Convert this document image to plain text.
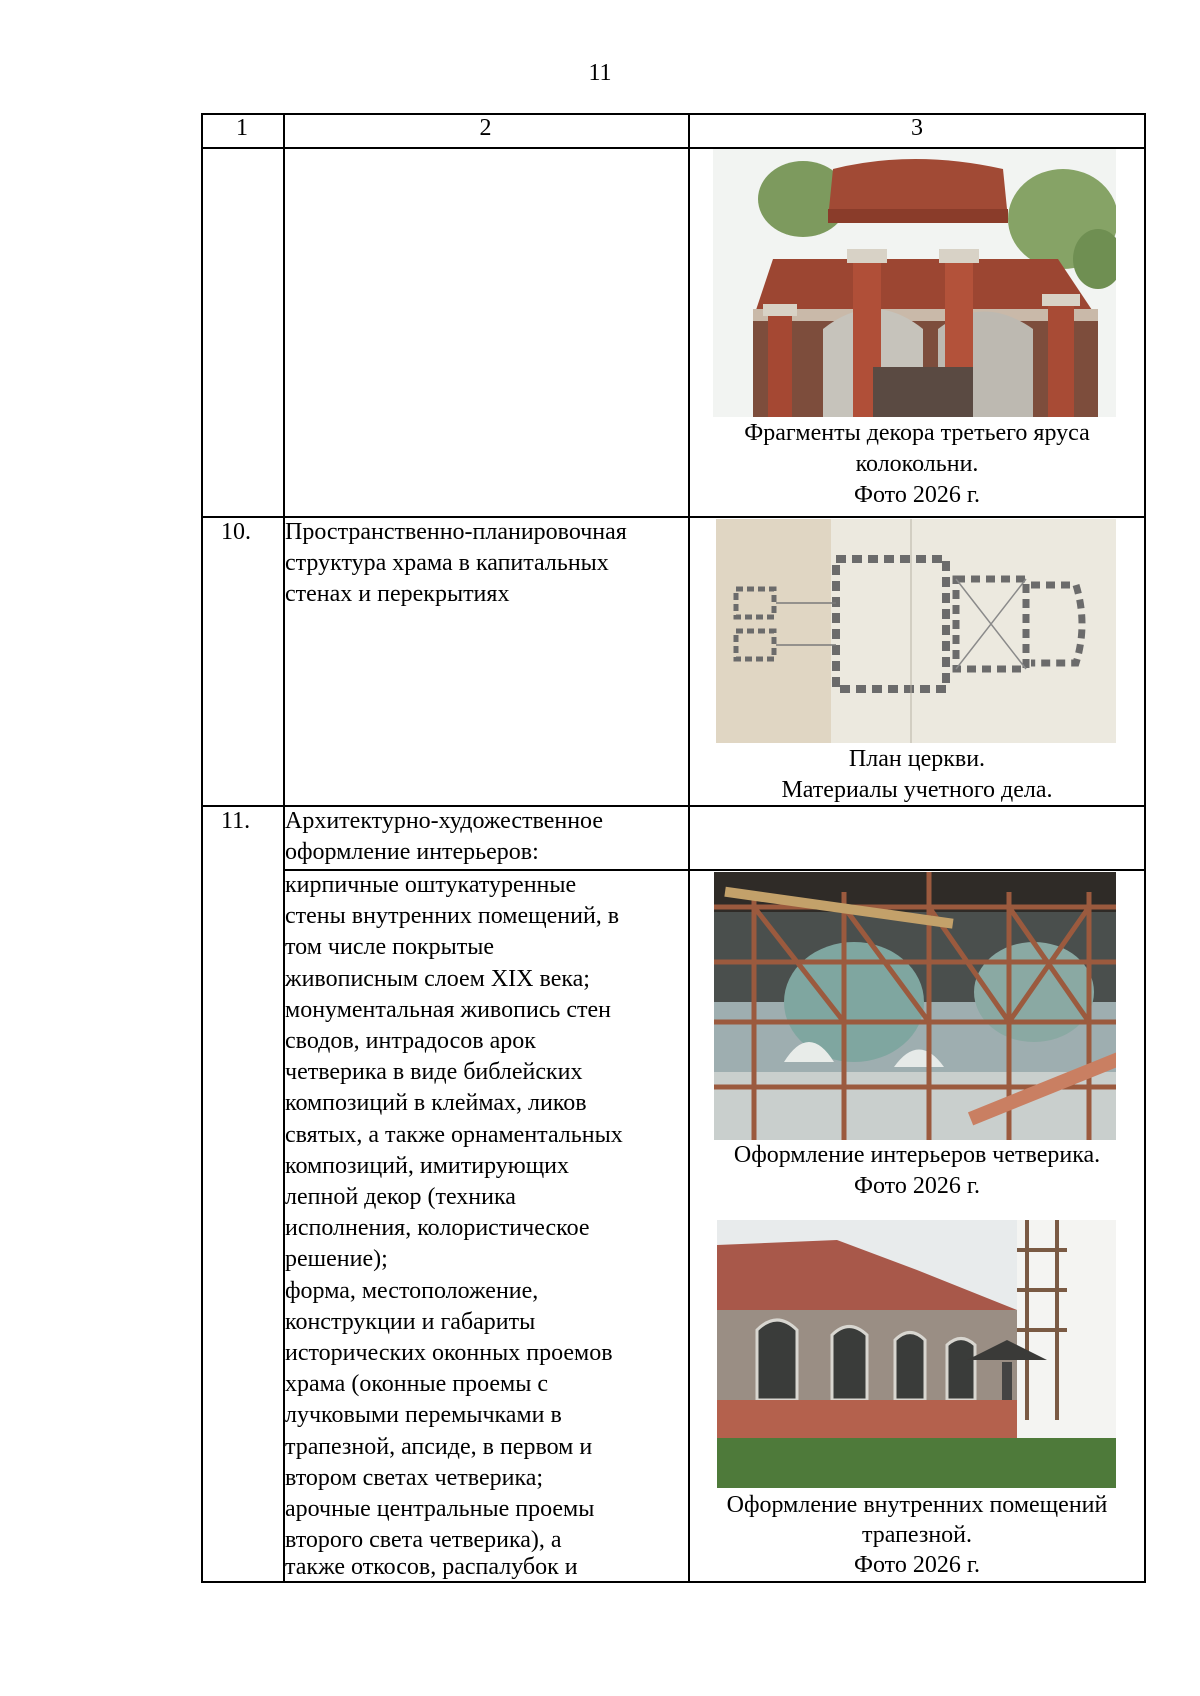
11
1	2	3
Фрагменты декора третьего яруса
колокольни.
Фото 2026 г.
10. Пространственно-планировочная
структура храма в капитальных
стенах и перекрытиях
План церкви.
Материалы учетного дела.
11. Архитектурно-художественное
оформление интерьеров:
кирпичные оштукатуренные
стены внутренних помещений, в
том числе покрытые
живописным слоем XIX века;
монументальная живопись стен
сводов, интрадосов арок
четверика в виде библейских
композиций в клеймах, ликов
святых, а также орнаментальных
композиций, имитирующих
лепной декор (техника
исполнения, колористическое
решение);
форма, местоположение,
конструкции и габариты
исторических оконных проемов
храма (оконные проемы с
лучковыми перемычками в
трапезной, апсиде, в первом и
втором светах четверика;
арочные центральные проемы
второго света четверика), а
также откосов, распалубок и
Оформление интерьеров четверика.
Фото 2026 г.
Оформление внутренних помещений
трапезной.
Фото 2026 г.
